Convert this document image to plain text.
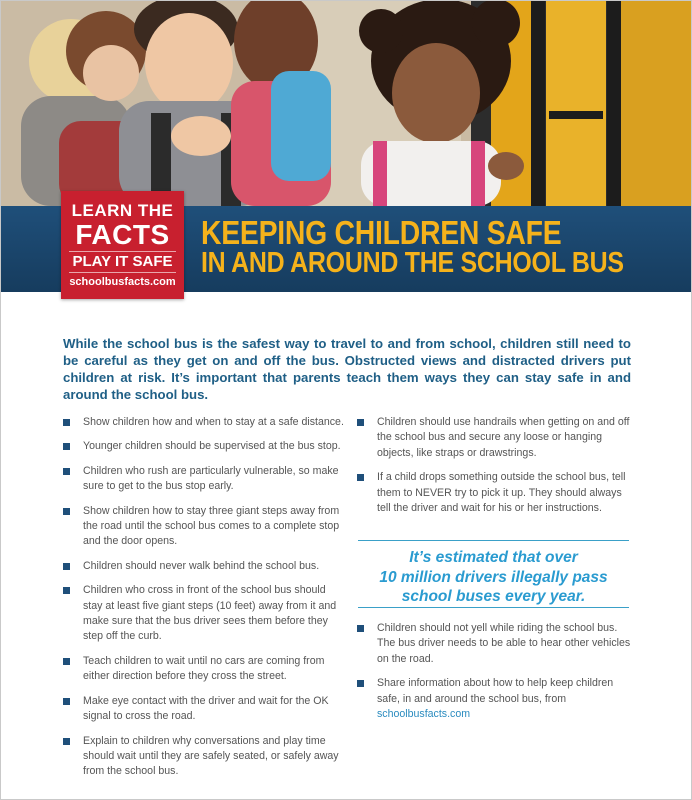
LEARN THE
FACTS
PLAY IT SAFE
schoolbusfacts.com
KEEPING CHILDREN SAFE
IN AND AROUND THE SCHOOL BUS

While the school bus is the safest way to travel to and from school, children still need to be careful as they get on and off the bus. Obstructed views and distracted drivers put children at risk. It’s important that parents teach them ways they can stay safe in and around the school bus.

Show children how and when to stay at a safe distance.
Younger children should be supervised at the bus stop.
Children who rush are particularly vulnerable, so make sure to get to the bus stop early.
Show children how to stay three giant steps away from the road until the school bus comes to a complete stop and the door opens.
Children should never walk behind the school bus.
Children who cross in front of the school bus should stay at least five giant steps (10 feet) away from it and make sure that the bus driver sees them before they step off the curb.
Teach children to wait until no cars are coming from either direction before they cross the street.
Make eye contact with the driver and wait for the OK signal to cross the road.
Explain to children why conversations and play time should wait until they are safely seated, or safely away from the school bus.
Children should use handrails when getting on and off the school bus and secure any loose or hanging objects, like straps or drawstrings.
If a child drops something outside the school bus, tell them to NEVER try to pick it up. They should always tell the driver and wait for his or her instructions.
It’s estimated that over
10 million drivers illegally pass
school buses every year.
Children should not yell while riding the school bus. The bus driver needs to be able to hear other vehicles on the road.
Share information about how to help keep children safe, in and around the school bus, from schoolbusfacts.com
